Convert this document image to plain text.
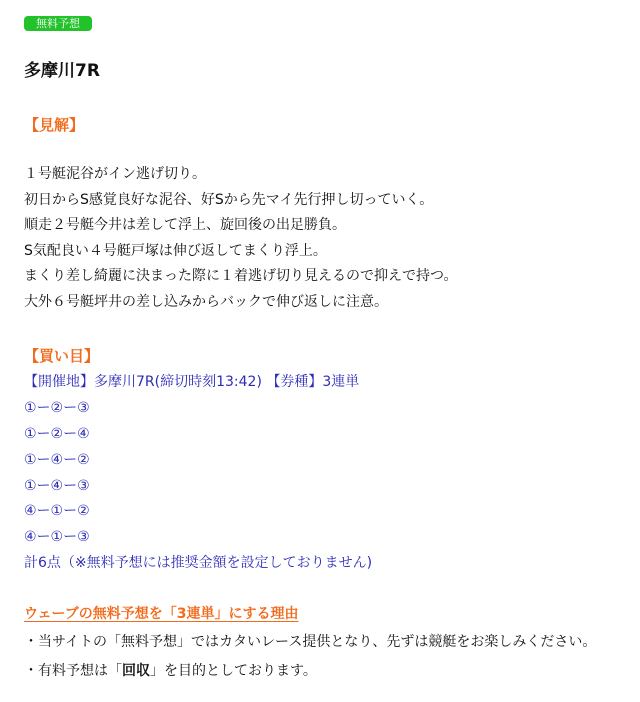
無料予想
多摩川7R
【見解】
１号艇泥谷がイン逃げ切り。
初日からS感覚良好な泥谷、好Sから先マイ先行押し切っていく。
順走２号艇今井は差して浮上、旋回後の出足勝負。
S気配良い４号艇戸塚は伸び返してまくり浮上。
まくり差し綺麗に決まった際に１着逃げ切り見えるので抑えで持つ。
大外６号艇坪井の差し込みからバックで伸び返しに注意。
【買い目】
【開催地】多摩川7R(締切時刻13:42) 【券種】3連単
①ー②ー③
①ー②ー④
①ー④ー②
①ー④ー③
④ー①ー②
④ー①ー③
計6点（※無料予想には推奨金額を設定しておりません)
ウェーブの無料予想を「3連単」にする理由
・当サイトの「無料予想」ではカタいレース提供となり、先ずは競艇をお楽しみください。
・有料予想は「回収」を目的としております。
